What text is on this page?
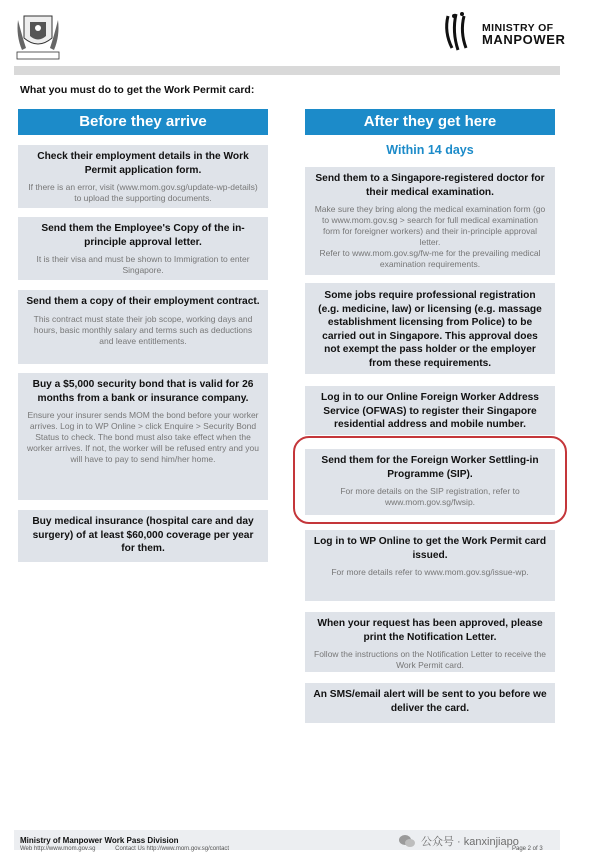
MINISTRY OF
MANPOWER
What you must do to get the Work Permit card:
Before they arrive
Check their employment details in the Work Permit application form.
If there is an error, visit (www.mom.gov.sg/update-wp-details) to upload the supporting documents.
Send them the Employee's Copy of the in-principle approval letter.
It is their visa and must be shown to Immigration to enter Singapore.
Send them a copy of their employment contract.
This contract must state their job scope, working days and hours, basic monthly salary and terms such as deductions and leave entitlements.
Buy a $5,000 security bond that is valid for 26 months from a bank or insurance company.
Ensure your insurer sends MOM the bond before your worker arrives. Log in to WP Online > click Enquire > Security Bond Status to check. The bond must also take effect when the worker arrives. If not, the worker will be refused entry and you will have to pay to send him/her home.
Buy medical insurance (hospital care and day surgery) of at least $60,000 coverage per year for them.
After they get here
Within 14 days
Send them to a Singapore-registered doctor for their medical examination.
Make sure they bring along the medical examination form (go to www.mom.gov.sg > search for full medical examination form for foreigner workers) and their in-principle approval letter.
Refer to www.mom.gov.sg/fw-me for the prevailing medical examination requirements.
Some jobs require professional registration (e.g. medicine, law) or licensing (e.g. massage establishment licensing from Police) to be carried out in Singapore. This approval does not exempt the pass holder or the employer from these requirements.
Log in to our Online Foreign Worker Address Service (OFWAS) to register their Singapore residential address and mobile number.
Send them for the Foreign Worker Settling-in Programme (SIP).
For more details on the SIP registration, refer to www.mom.gov.sg/fwsip.
Log in to WP Online to get the Work Permit card issued.
For more details refer to www.mom.gov.sg/issue-wp.
When your request has been approved, please print the Notification Letter.
Follow the instructions on the Notification Letter to receive the Work Permit card.
An SMS/email alert will be sent to you before we deliver the card.
Ministry of Manpower Work Pass Division
Web http://www.mom.gov.sg	Contact Us http://www.mom.gov.sg/contact	Page 2 of 3
公众号 · kanxinjiapo
